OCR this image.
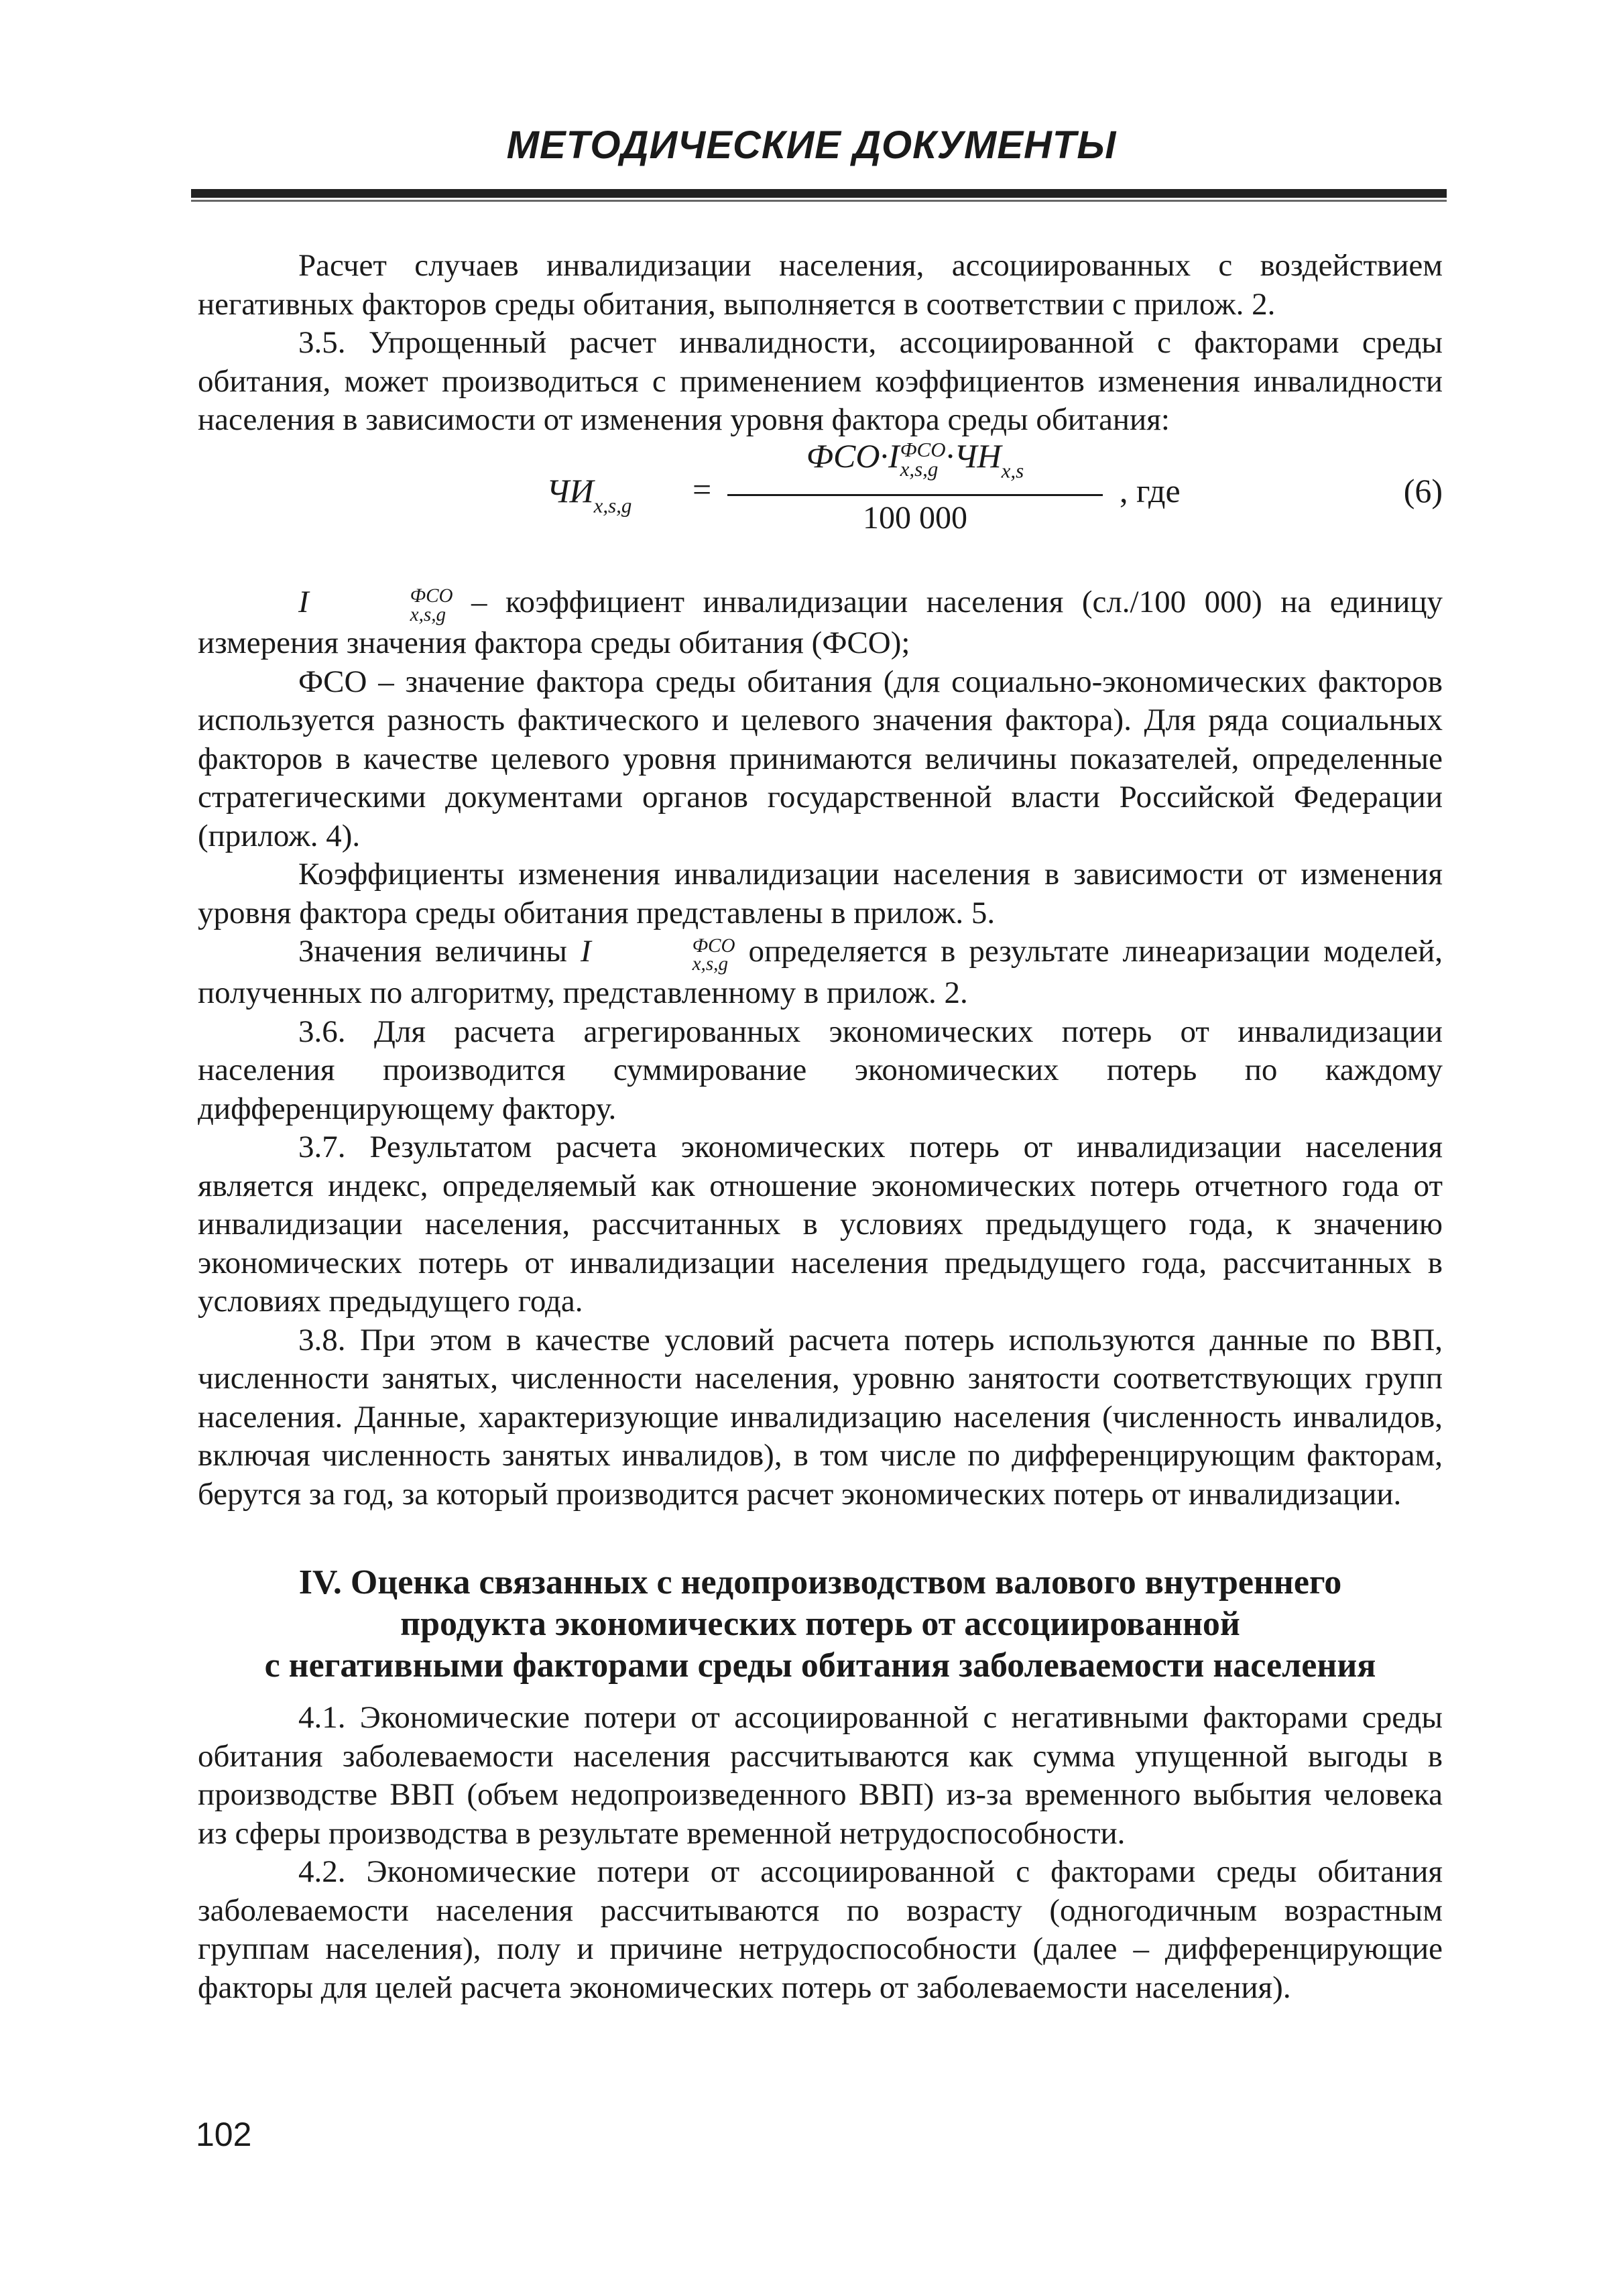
МЕТОДИЧЕСКИЕ ДОКУМЕНТЫ

Расчет случаев инвалидизации населения, ассоциированных с воздействием негативных факторов среды обитания, выполняется в соответствии с прилож. 2.

3.5. Упрощенный расчет инвалидности, ассоциированной с факторами среды обитания, может производиться с применением коэффициентов изменения инвалидности населения в зависимости от изменения уровня фактора среды обитания:

$ЧИ_{x,s,g}$ =
ФСО·I ФСО
$x,s,g \cdot ЧН_{x,s}$
100 000
, где	(6)

I	ФСО
x,s,g – коэффициент инвалидизации населения (сл./100 000) на единицу измерения значения фактора среды обитания (ФСО);

ФСО – значение фактора среды обитания (для социально-экономических факторов используется разность фактического и целевого значения фактора). Для ряда социальных факторов в качестве целевого уровня принимаются величины показателей, определенные стратегическими документами органов государственной власти Российской Федерации (прилож. 4).

Коэффициенты изменения инвалидизации населения в зависимости от изменения уровня фактора среды обитания представлены в прилож. 5.

Значения величины I	ФСО
x,s,g определяется в результате линеаризации моделей, полученных по алгоритму, представленному в прилож. 2.

3.6. Для расчета агрегированных экономических потерь от инвалидизации населения производится суммирование экономических потерь по каждому дифференцирующему фактору.

3.7. Результатом расчета экономических потерь от инвалидизации населения является индекс, определяемый как отношение экономических потерь отчетного года от инвалидизации населения, рассчитанных в условиях предыдущего года, к значению экономических потерь от инвалидизации населения предыдущего года, рассчитанных в условиях предыдущего года.

3.8. При этом в качестве условий расчета потерь используются данные по ВВП, численности занятых, численности населения, уровню занятости соответствующих групп населения. Данные, характеризующие инвалидизацию населения (численность инвалидов, включая численность занятых инвалидов), в том числе по дифференцирующим факторам, берутся за год, за который производится расчет экономических потерь от инвалидизации.

IV. Оценка связанных с недопроизводством валового внутреннего
продукта экономических потерь от ассоциированной
с негативными факторами среды обитания заболеваемости населения

4.1. Экономические потери от ассоциированной с негативными факторами среды обитания заболеваемости населения рассчитываются как сумма упущенной выгоды в производстве ВВП (объем недопроизведенного ВВП) из-за временного выбытия человека из сферы производства в результате временной нетрудоспособности.

4.2. Экономические потери от ассоциированной с факторами среды обитания заболеваемости населения рассчитываются по возрасту (одногодичным возрастным группам населения), полу и причине нетрудоспособности (далее – дифференцирующие факторы для целей расчета экономических потерь от заболеваемости населения).

102
